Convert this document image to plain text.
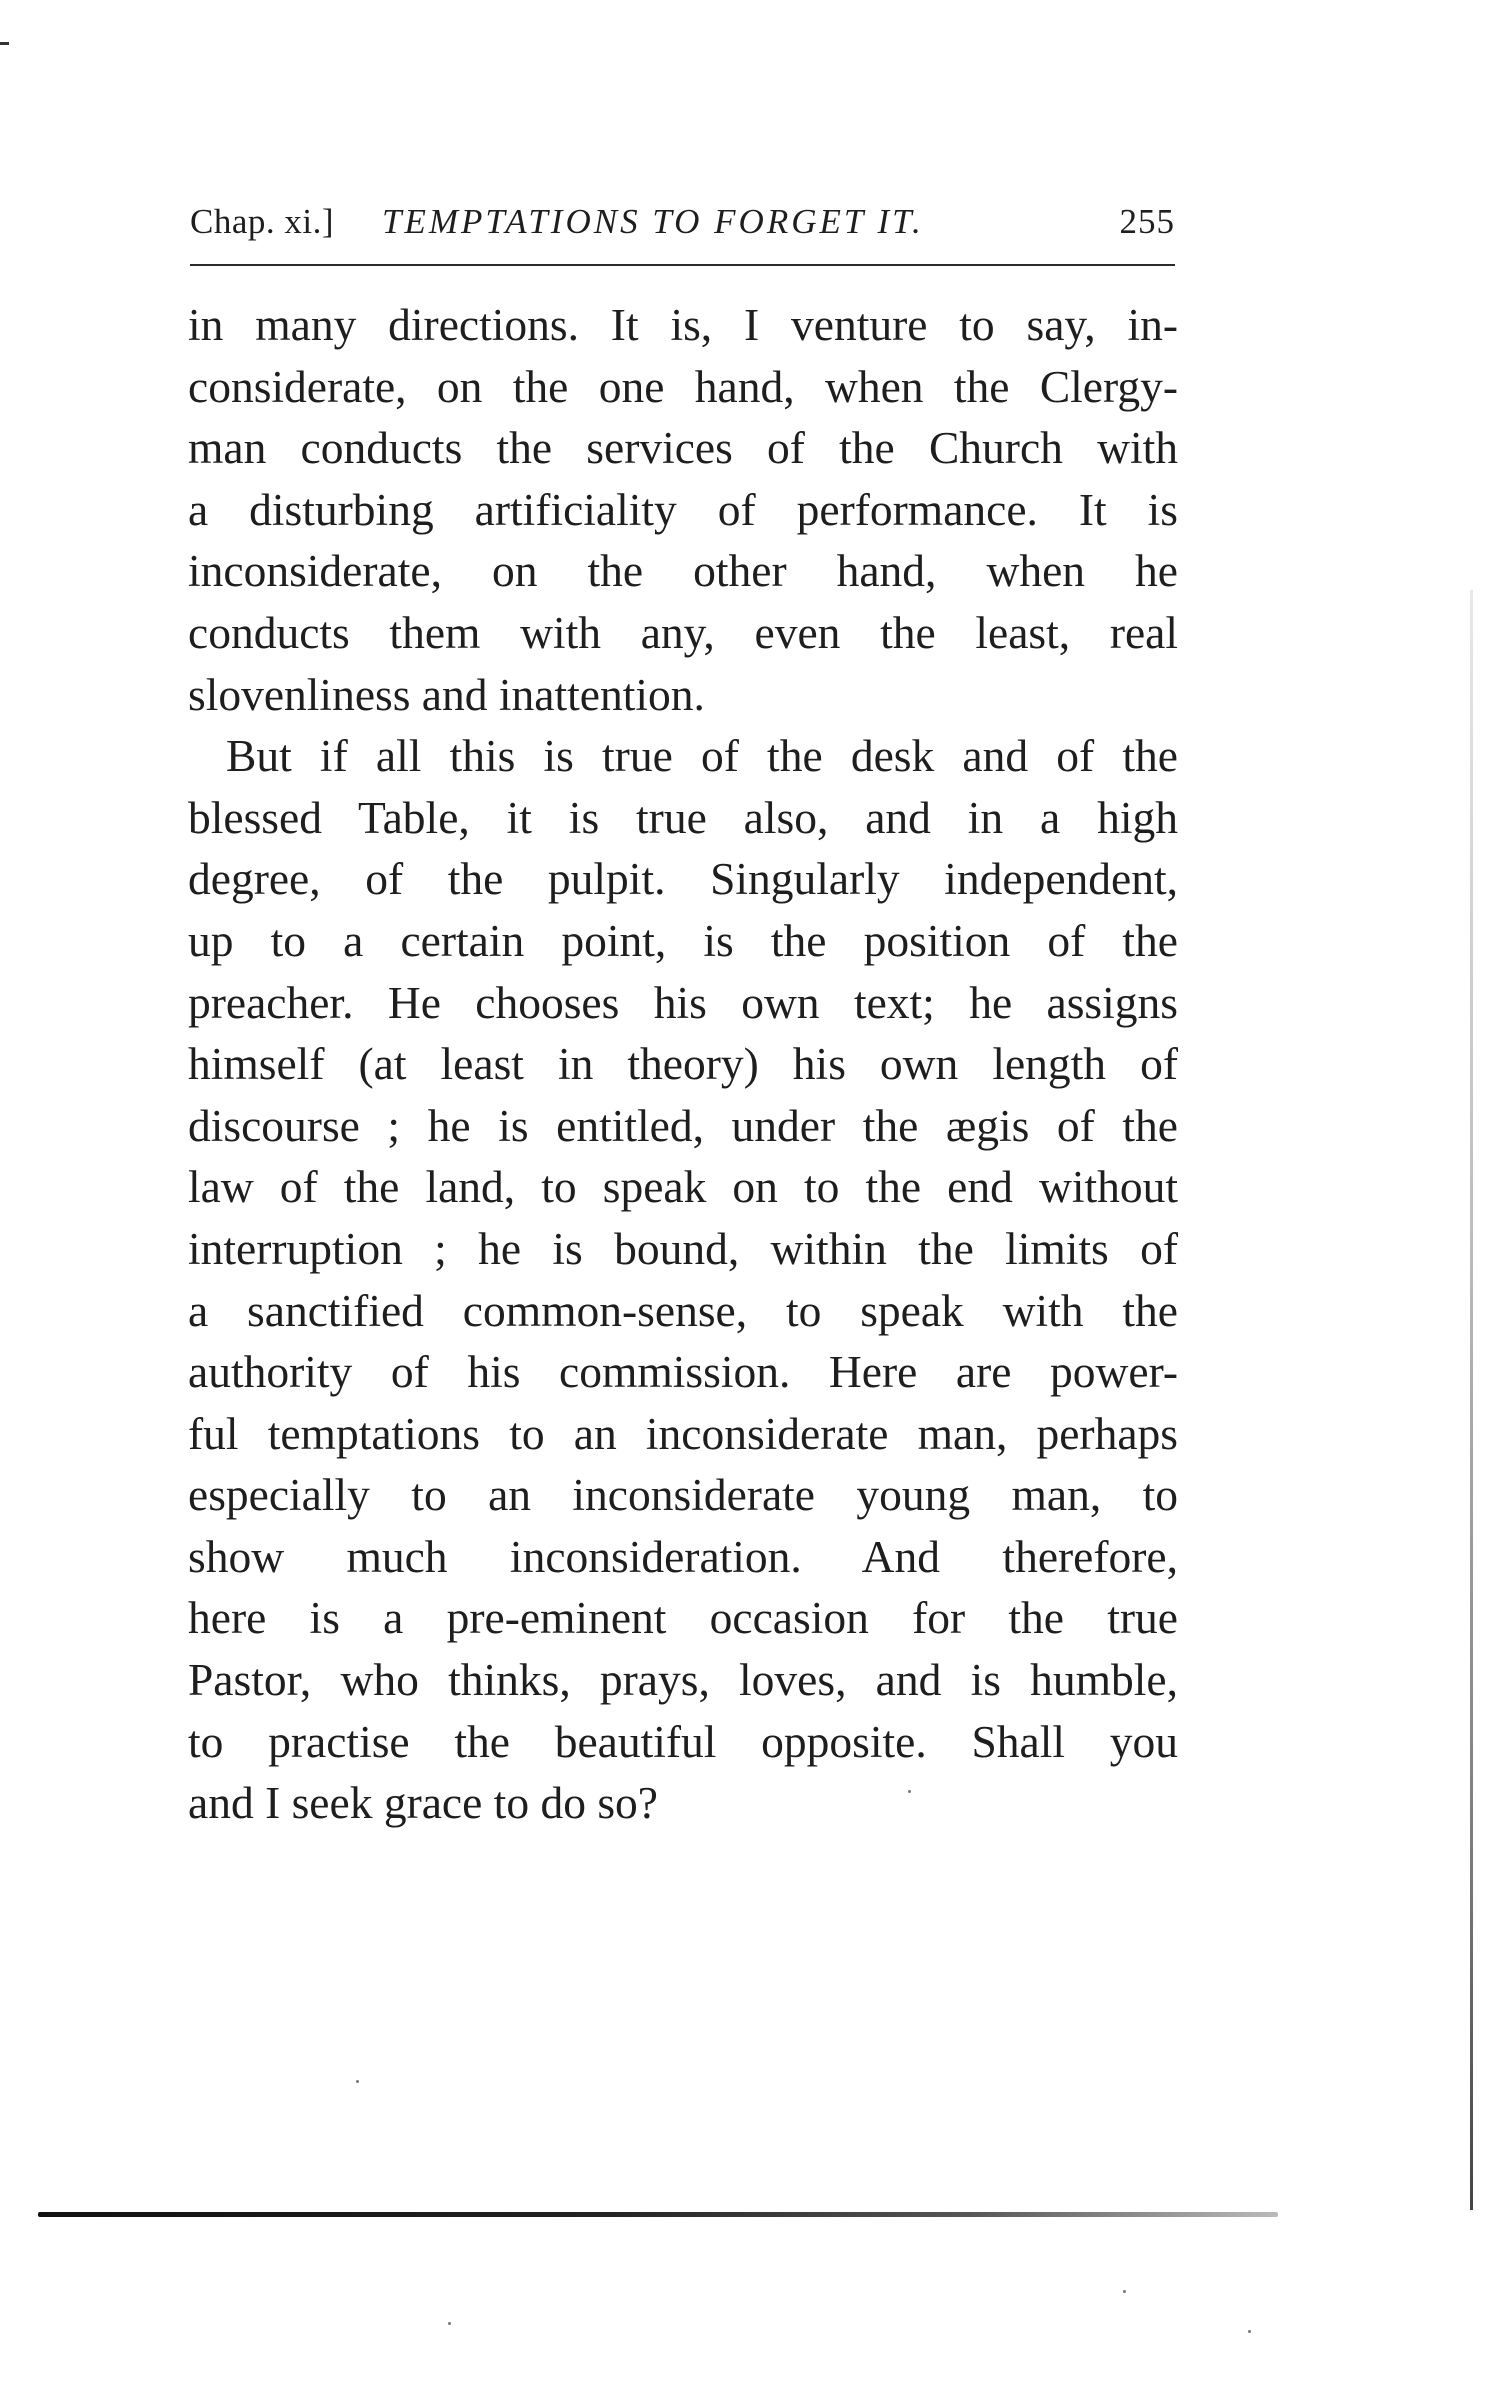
Chap. xi.] TEMPTATIONS TO FORGET IT.	255
in many directions. It is, I venture to say, in-
considerate, on the one hand, when the Clergy-
man conducts the services of the Church with
a disturbing artificiality of performance. It is
inconsiderate, on the other hand, when he
conducts them with any, even the least, real
slovenliness and inattention.
But if all this is true of the desk and of the
blessed Table, it is true also, and in a high
degree, of the pulpit. Singularly independent,
up to a certain point, is the position of the
preacher. He chooses his own text; he assigns
himself (at least in theory) his own length of
discourse ; he is entitled, under the ægis of the
law of the land, to speak on to the end without
interruption ; he is bound, within the limits of
a sanctified common-sense, to speak with the
authority of his commission. Here are power-
ful temptations to an inconsiderate man, perhaps
especially to an inconsiderate young man, to
show much inconsideration. And therefore,
here is a pre-eminent occasion for the true
Pastor, who thinks, prays, loves, and is humble,
to practise the beautiful opposite. Shall you
and I seek grace to do so?
